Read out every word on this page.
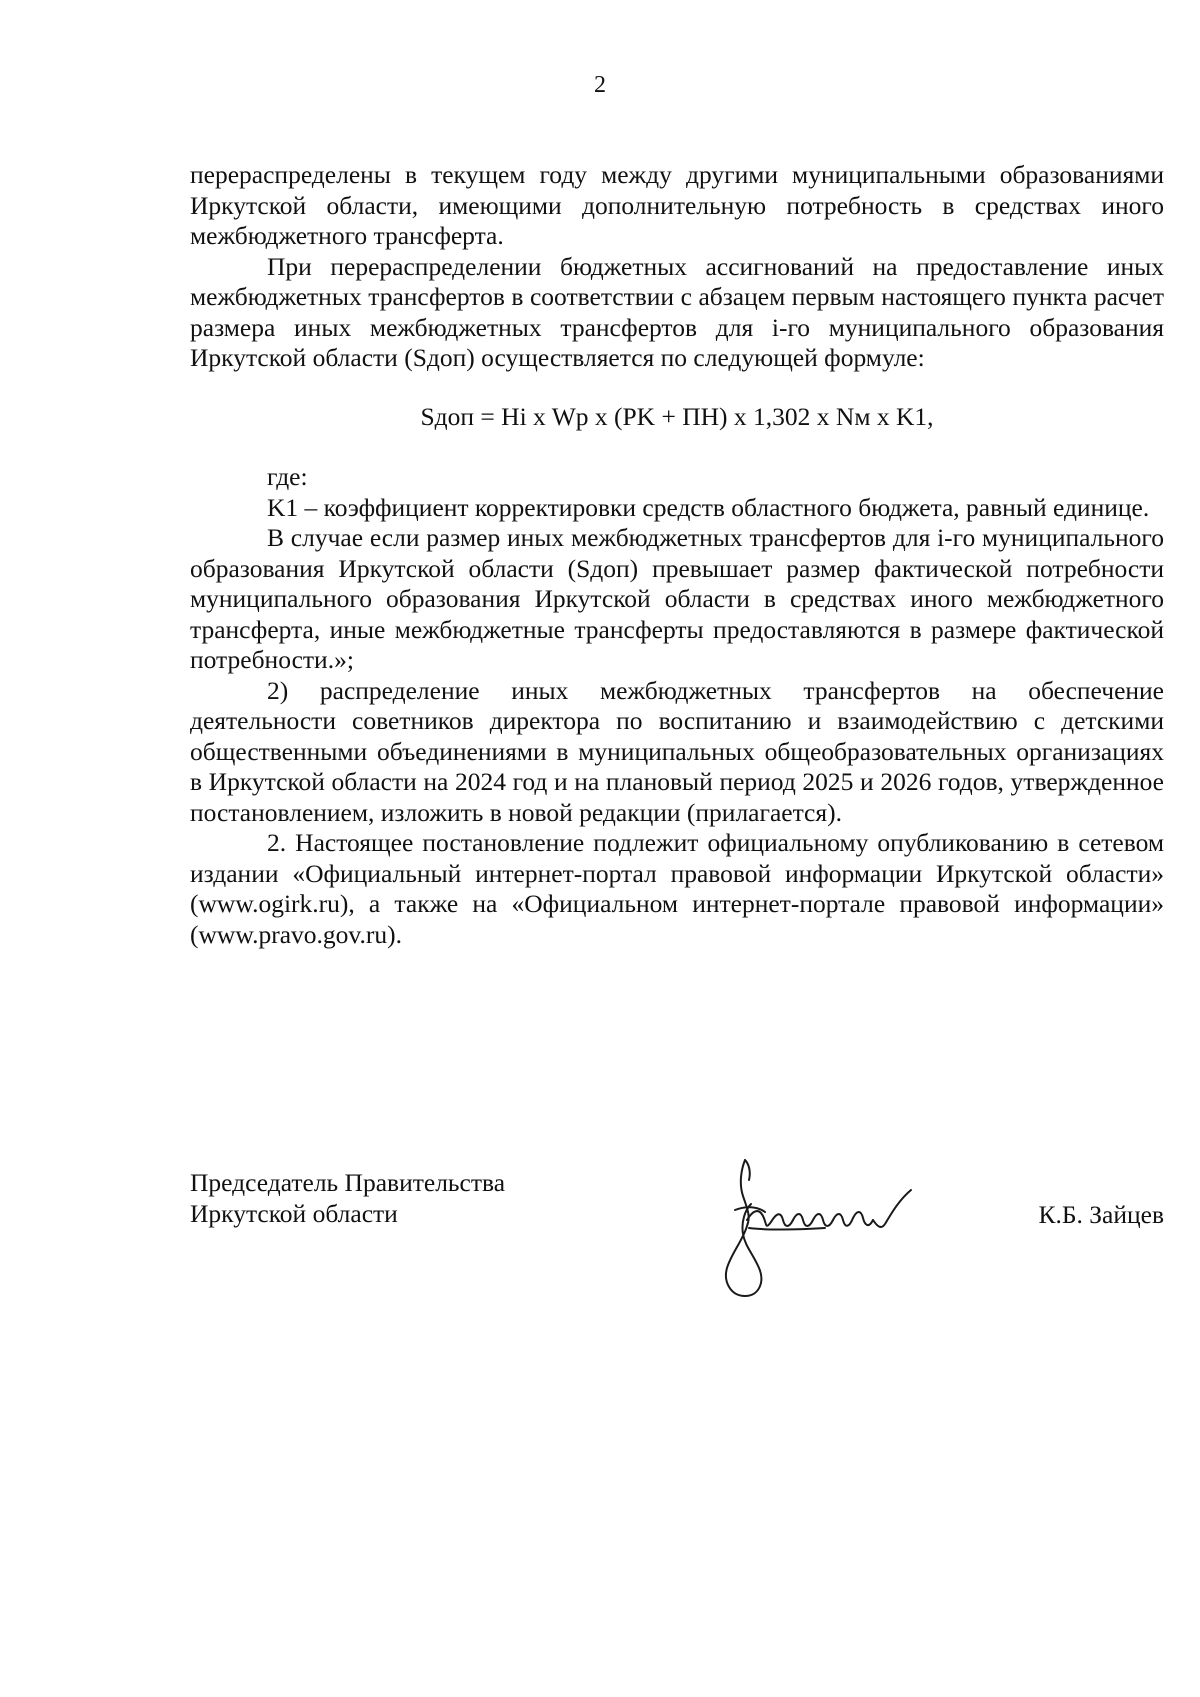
2

перераспределены в текущем году между другими муниципальными образованиями Иркутской области, имеющими дополнительную потребность в средствах иного межбюджетного трансферта.

При перераспределении бюджетных ассигнований на предоставление иных межбюджетных трансфертов в соответствии с абзацем первым настоящего пункта расчет размера иных межбюджетных трансфертов для i-го муниципального образования Иркутской области (Sдоп) осуществляется по следующей формуле:

Sдоп = Hi x Wp x (PK + ПН) x 1,302 x Nм x K1,

где:

K1 – коэффициент корректировки средств областного бюджета, равный единице.

В случае если размер иных межбюджетных трансфертов для i-го муниципального образования Иркутской области (Sдоп) превышает размер фактической потребности муниципального образования Иркутской области в средствах иного межбюджетного трансферта, иные межбюджетные трансферты предоставляются в размере фактической потребности.»;

2) распределение иных межбюджетных трансфертов на обеспечение деятельности советников директора по воспитанию и взаимодействию с детскими общественными объединениями в муниципальных общеобразовательных организациях в Иркутской области на 2024 год и на плановый период 2025 и 2026 годов, утвержденное постановлением, изложить в новой редакции (прилагается).

2. Настоящее постановление подлежит официальному опубликованию в сетевом издании «Официальный интернет-портал правовой информации Иркутской области» (www.ogirk.ru), а также на «Официальном интернет-портале правовой информации» (www.pravo.gov.ru).

Председатель Правительства
Иркутской области	К.Б. Зайцев
